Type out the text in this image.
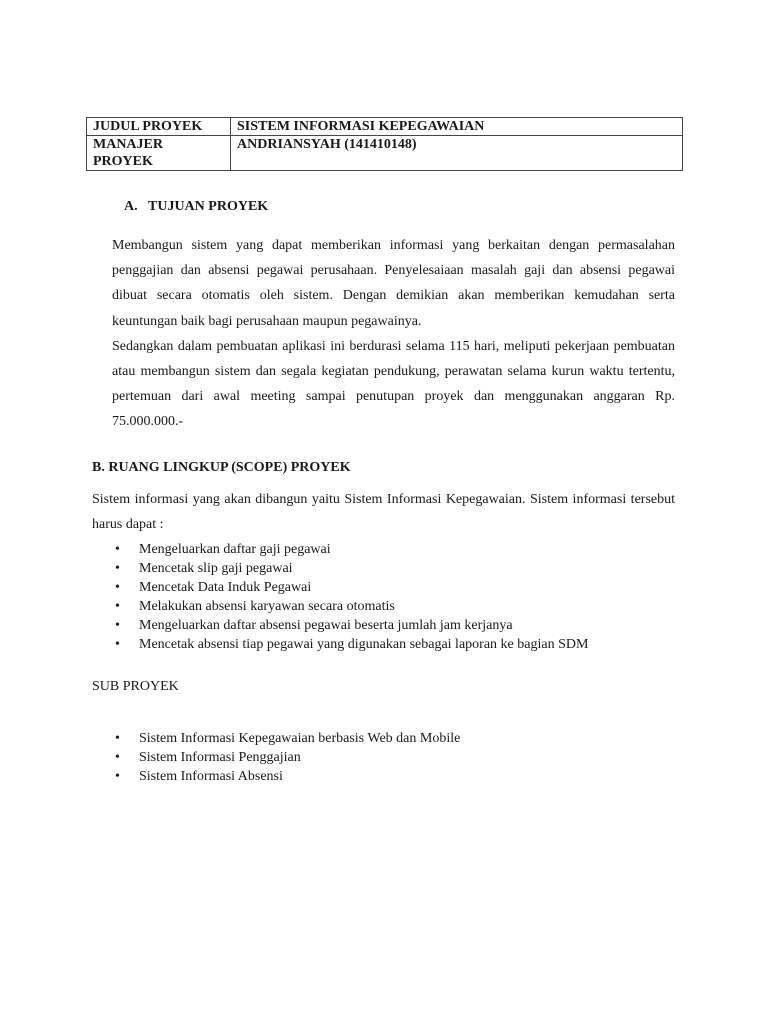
JUDUL PROYEK	SISTEM INFORMASI KEPEGAWAIAN
MANAJER PROYEK	ANDRIANSYAH (141410148)

A. TUJUAN PROYEK

Membangun sistem yang dapat memberikan informasi yang berkaitan dengan permasalahan penggajian dan absensi pegawai perusahaan. Penyelesaiaan masalah gaji dan absensi pegawai dibuat secara otomatis oleh sistem. Dengan demikian akan memberikan kemudahan serta keuntungan baik bagi perusahaan maupun pegawainya.
Sedangkan dalam pembuatan aplikasi ini berdurasi selama 115 hari, meliputi pekerjaan pembuatan atau membangun sistem dan segala kegiatan pendukung, perawatan selama kurun waktu tertentu, pertemuan dari awal meeting sampai penutupan proyek dan menggunakan anggaran Rp. 75.000.000.-

B. RUANG LINGKUP (SCOPE) PROYEK

Sistem informasi yang akan dibangun yaitu Sistem Informasi Kepegawaian. Sistem informasi tersebut harus dapat :

• Mengeluarkan daftar gaji pegawai
• Mencetak slip gaji pegawai
• Mencetak Data Induk Pegawai
• Melakukan absensi karyawan secara otomatis
• Mengeluarkan daftar absensi pegawai beserta jumlah jam kerjanya
• Mencetak absensi tiap pegawai yang digunakan sebagai laporan ke bagian SDM

SUB PROYEK

• Sistem Informasi Kepegawaian berbasis Web dan Mobile
• Sistem Informasi Penggajian
• Sistem Informasi Absensi
